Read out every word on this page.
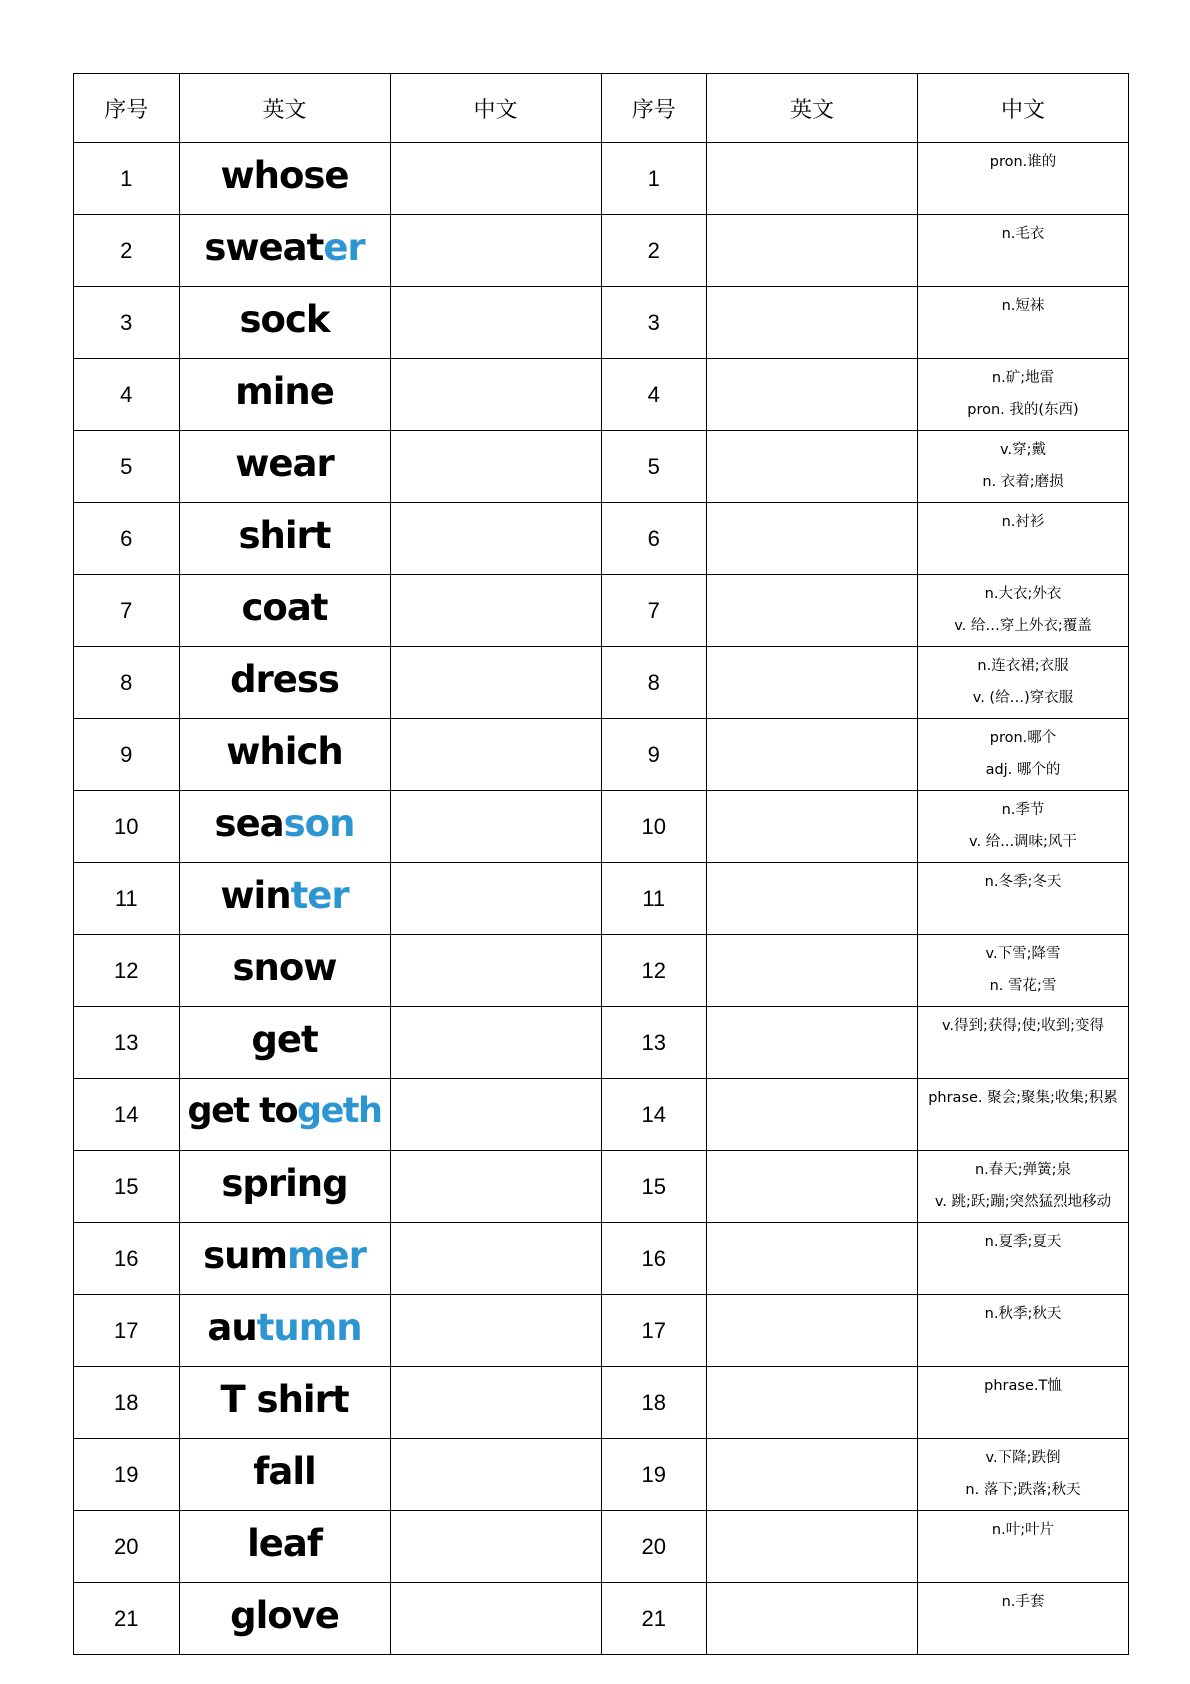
序号	英文	中文	序号	英文	中文
1	whose		1		pron.谁的

2	sweater		2		n.毛衣

3	sock		3		n.短袜

4	mine		4		n.矿;地雷
pron. 我的(东西)

5	wear		5		v.穿;戴
n. 衣着;磨损

6	shirt		6		n.衬衫

7	coat		7		n.大衣;外衣
v. 给…穿上外衣;覆盖

8	dress		8		n.连衣裙;衣服
v. (给…)穿衣服

9	which		9		pron.哪个
adj. 哪个的

10	season		10		n.季节
v. 给...调味;风干

11	winter		11		n.冬季;冬天

12	snow		12		v.下雪;降雪
n. 雪花;雪

13	get		13		v.得到;获得;使;收到;变得

14	get togeth		14		phrase. 聚会;聚集;收集;积累

15	spring		15		n.春天;弹簧;泉
v. 跳;跃;蹦;突然猛烈地移动

16	summer		16		n.夏季;夏天

17	autumn		17		n.秋季;秋天

18	T shirt		18		phrase.T恤

19	fall		19		v.下降;跌倒
n. 落下;跌落;秋天

20	leaf		20		n.叶;叶片

21	glove		21		n.手套
